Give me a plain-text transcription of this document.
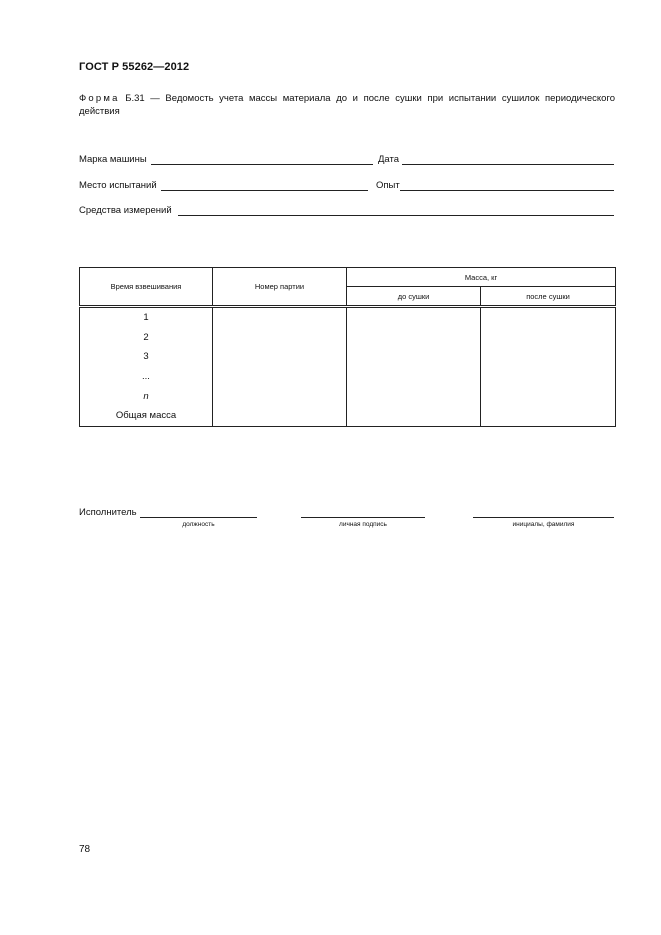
ГОСТ Р 55262—2012
Форма Б.31 — Ведомость учета массы материала до и после сушки при испытании сушилок периодического действия
Марка машины	Дата
Место испытаний	Опыт
Средства измерений
Время взвешивания	Номер партии	Масса, кг	
		до сушки	после сушки
1			
2			
3			
...			
n			
Общая масса			
Исполнитель
должность	личная подпись	инициалы, фамилия
78
